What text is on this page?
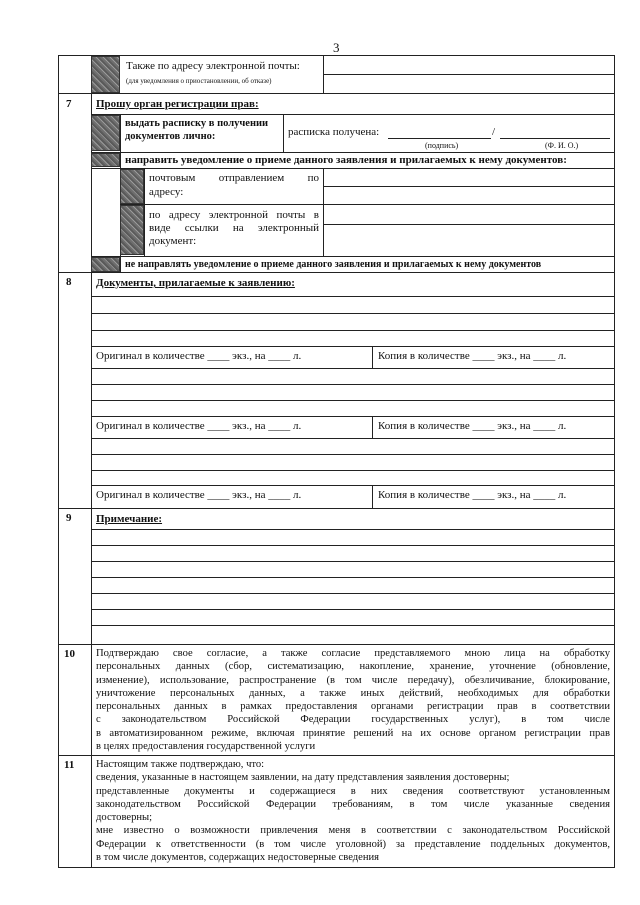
3
Также по адресу электронной почты:
(для уведомления о приостановлении, об отказе)
7 Прошу орган регистрации прав:
выдать расписку в получении документов лично:	расписка получена:	/
(подпись)	(Ф. И. О.)
направить уведомление о приеме данного заявления и прилагаемых к нему документов:
почтовым отправлением по
адресу:
по адресу электронной почты в
виде ссылки на электронный
документ:
не направлять уведомление о приеме данного заявления и прилагаемых к нему документов
8 Документы, прилагаемые к заявлению:
Оригинал в количестве ____ экз., на ____ л.	Копия в количестве ____ экз., на ____ л.
Оригинал в количестве ____ экз., на ____ л.	Копия в количестве ____ экз., на ____ л.
Оригинал в количестве ____ экз., на ____ л.	Копия в количестве ____ экз., на ____ л.
9 Примечание:
10 Подтверждаю свое согласие, а также согласие представляемого мною лица на обработку
персональных данных (сбор, систематизацию, накопление, хранение, уточнение (обновление,
изменение), использование, распространение (в том числе передачу), обезличивание, блокирование,
уничтожение персональных данных, а также иных действий, необходимых для обработки
персональных данных в рамках предоставления органами регистрации прав в соответствии
с законодательством Российской Федерации государственных услуг), в том числе
в автоматизированном режиме, включая принятие решений на их основе органом регистрации прав
в целях предоставления государственной услуги
11 Настоящим также подтверждаю, что:
сведения, указанные в настоящем заявлении, на дату представления заявления достоверны;
представленные документы и содержащиеся в них сведения соответствуют установленным
законодательством Российской Федерации требованиям, в том числе указанные сведения
достоверны;
мне известно о возможности привлечения меня в соответствии с законодательством Российской
Федерации к ответственности (в том числе уголовной) за представление поддельных документов,
в том числе документов, содержащих недостоверные сведения
